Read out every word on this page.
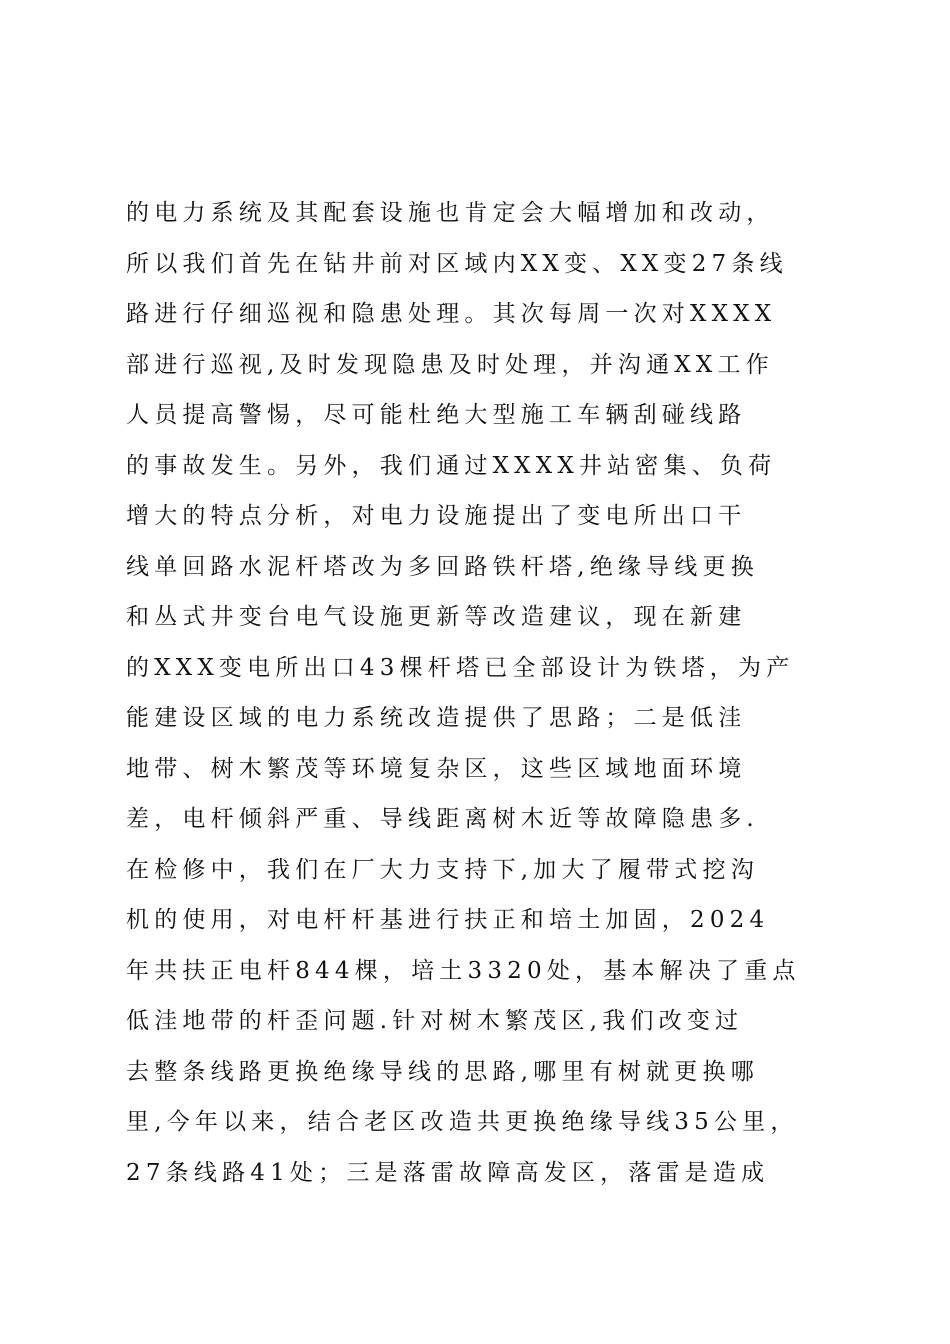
的电力系统及其配套设施也肯定会大幅增加和改动，

所以我们首先在钻井前对区域内XX变、XX变27条线

路进行仔细巡视和隐患处理。其次每周一次对XXXX

部进行巡视,及时发现隐患及时处理，并沟通XX工作

人员提高警惕，尽可能杜绝大型施工车辆刮碰线路

的事故发生。另外，我们通过XXXX井站密集、负荷

增大的特点分析，对电力设施提出了变电所出口干

线单回路水泥杆塔改为多回路铁杆塔,绝缘导线更换

和丛式井变台电气设施更新等改造建议，现在新建

的XXX变电所出口43棵杆塔已全部设计为铁塔，为产

能建设区域的电力系统改造提供了思路；二是低洼

地带、树木繁茂等环境复杂区，这些区域地面环境

差，电杆倾斜严重、导线距离树木近等故障隐患多.

在检修中，我们在厂大力支持下,加大了履带式挖沟

机的使用，对电杆杆基进行扶正和培土加固，2024

年共扶正电杆844棵，培土3320处，基本解决了重点

低洼地带的杆歪问题.针对树木繁茂区,我们改变过

去整条线路更换绝缘导线的思路,哪里有树就更换哪

里,今年以来，结合老区改造共更换绝缘导线35公里，

27条线路41处；三是落雷故障高发区，落雷是造成
